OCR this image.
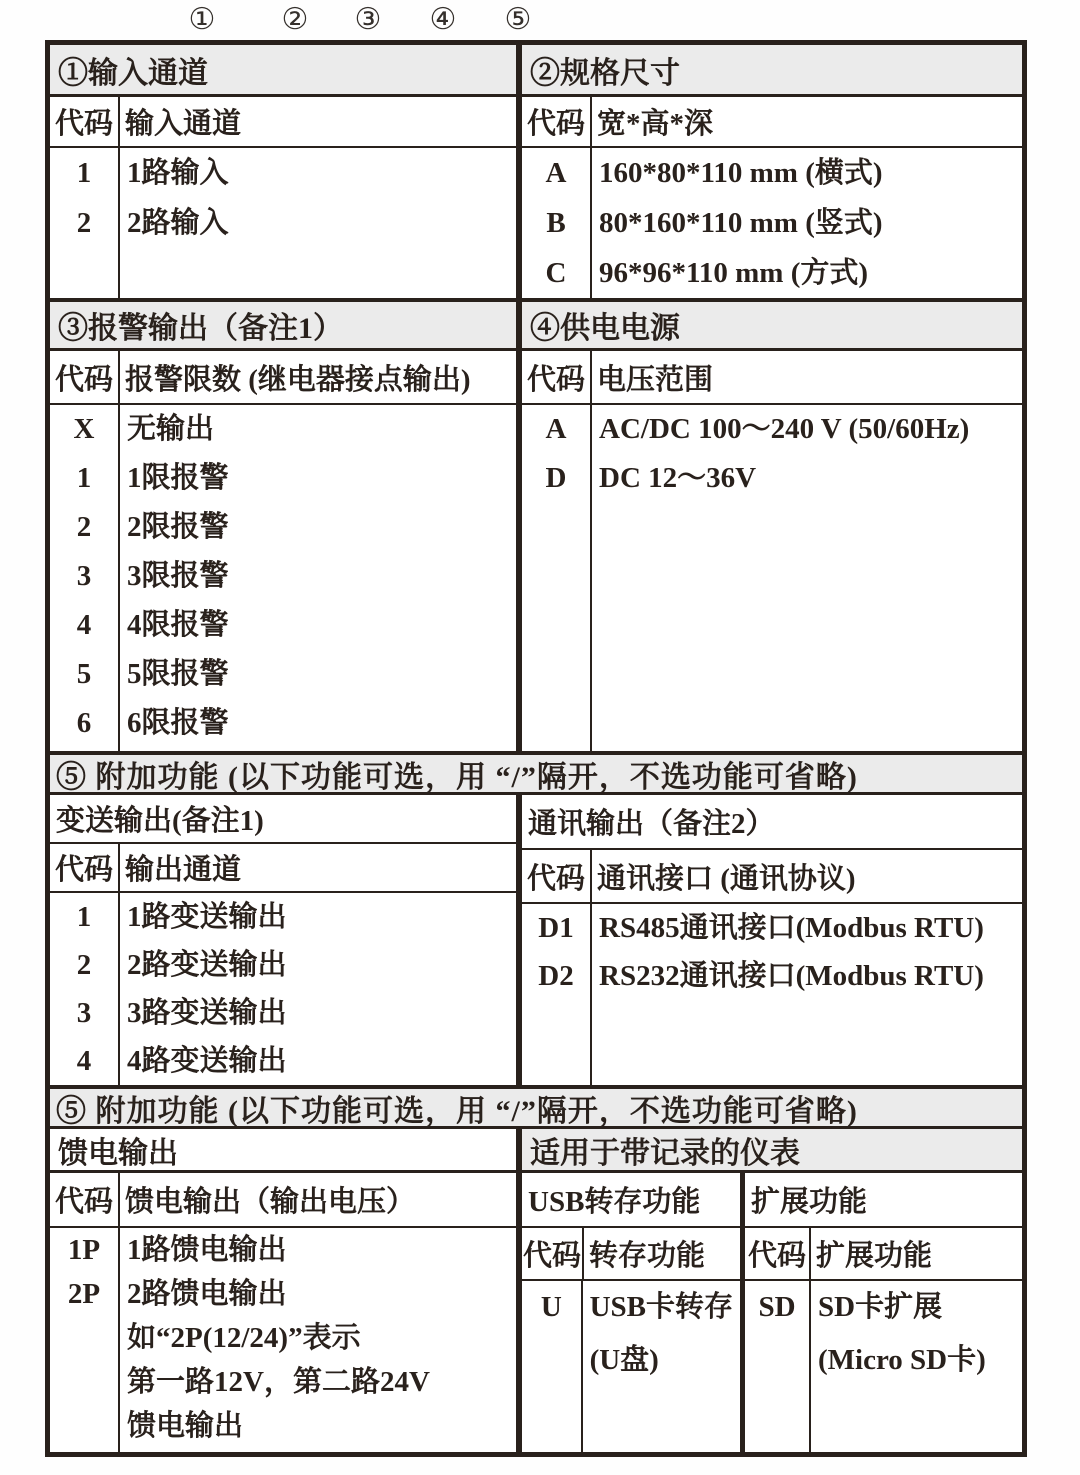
① ② ③ ④ ⑤
①输入通道
代码 输入通道
1
2
1路输入
2路输入
②规格尺寸
代码 宽*高*深
A
B
C
160*80*110 mm (横式)
80*160*110 mm (竖式)
96*96*110 mm (方式)
③报警输出（备注1）
代码 报警限数 (继电器接点输出)
X
1
2
3
4
5
6
无输出
1限报警
2限报警
3限报警
4限报警
5限报警
6限报警
④供电电源
代码 电压范围
A
D
AC/DC 100～240 V (50/60Hz)
DC 12～36V
⑤ 附加功能 (以下功能可选，用 “/”隔开，不选功能可省略)
变送输出(备注1)
代码 输出通道
1
2
3
4
1路变送输出
2路变送输出
3路变送输出
4路变送输出
通讯输出（备注2）
代码 通讯接口 (通讯协议)
D1
D2
RS485通讯接口(Modbus RTU)
RS232通讯接口(Modbus RTU)
⑤ 附加功能 (以下功能可选，用 “/”隔开，不选功能可省略)
馈电输出
代码 馈电输出（输出电压）
1P
2P
1路馈电输出
2路馈电输出
如“2P(12/24)”表示
第一路12V，第二路24V
馈电输出
适用于带记录的仪表
USB转存功能
代码 转存功能
U USB卡转存
(U盘)
扩展功能
代码 扩展功能
SD SD卡扩展
(Micro SD卡)
